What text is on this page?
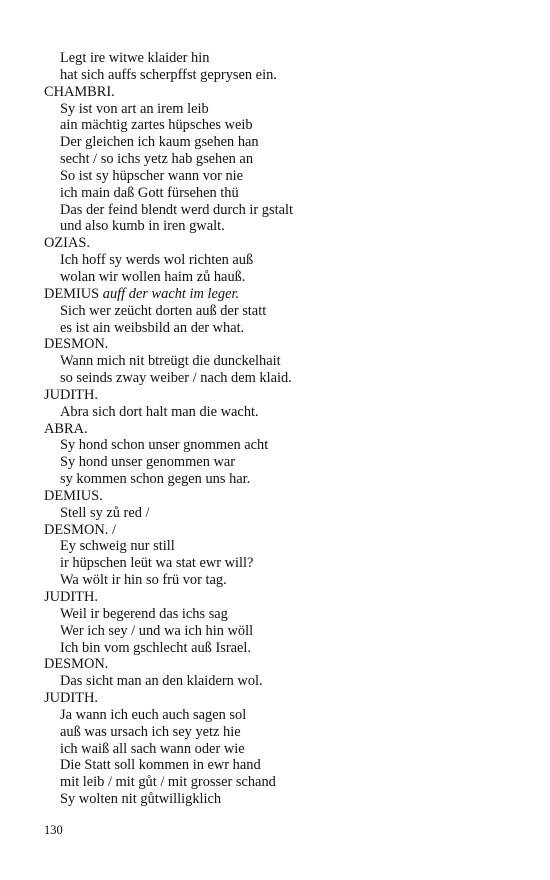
Legt ire witwe klaider hin
hat sich auffs scherpffst geprysen ein.
CHAMBRI.
Sy ist von art an irem leib
ain mächtig zartes hüpsches weib
Der gleichen ich kaum gsehen han
secht / so ichs yetz hab gsehen an
So ist sy hüpscher wann vor nie
ich main daß Gott fürsehen thü
Das der feind blendt werd durch ir gstalt
und also kumb in iren gwalt.
OZIAS.
Ich hoff sy werds wol richten auß
wolan wir wollen haim zů hauß.
DEMIUS auff der wacht im leger.
Sich wer zeücht dorten auß der statt
es ist ain weibsbild an der what.
DESMON.
Wann mich nit btreügt die dunckelhait
so seinds zway weiber / nach dem klaid.
JUDITH.
Abra sich dort halt man die wacht.
ABRA.
Sy hond schon unser gnommen acht
Sy hond unser genommen war
sy kommen schon gegen uns har.
DEMIUS.
Stell sy zů red /
DESMON. /
Ey schweig nur still
ir hüpschen leüt wa stat ewr will?
Wa wölt ir hin so frü vor tag.
JUDITH.
Weil ir begerend das ichs sag
Wer ich sey / und wa ich hin wöll
Ich bin vom gschlecht auß Israel.
DESMON.
Das sicht man an den klaidern wol.
JUDITH.
Ja wann ich euch auch sagen sol
auß was ursach ich sey yetz hie
ich waiß all sach wann oder wie
Die Statt soll kommen in ewr hand
mit leib / mit gůt / mit grosser schand
Sy wolten nit gůtwilligklich
130
